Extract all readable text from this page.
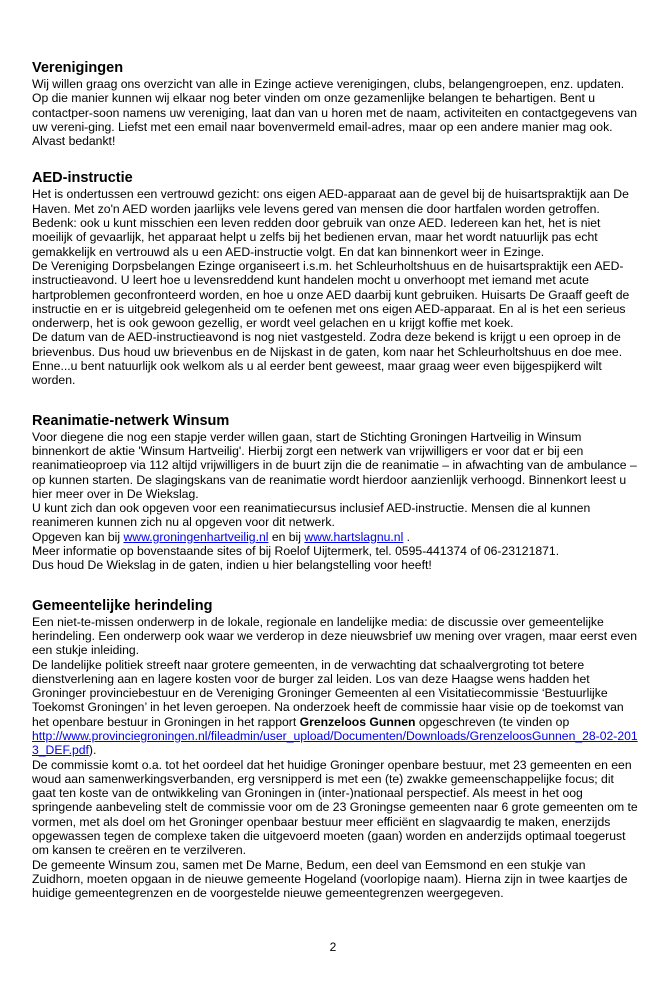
Verenigingen

Wij willen graag ons overzicht van alle in Ezinge actieve verenigingen, clubs, belangengroepen, enz. updaten. Op die manier kunnen wij elkaar nog beter vinden om onze gezamenlijke belangen te behartigen. Bent u contactper-soon namens uw vereniging, laat dan van u horen met de naam, activiteiten en contactgegevens van uw vereni-ging. Liefst met een email naar bovenvermeld email-adres, maar op een andere manier mag ook. Alvast bedankt!

AED-instructie

Het is ondertussen een vertrouwd gezicht: ons eigen AED-apparaat aan de gevel bij de huisartspraktijk aan De Haven. Met zo'n AED worden jaarlijks vele levens gered van mensen die door hartfalen worden getroffen. Bedenk: ook u kunt misschien een leven redden door gebruik van onze AED. Iedereen kan het, het is niet moeilijk of gevaarlijk, het apparaat helpt u zelfs bij het bedienen ervan, maar het wordt natuurlijk pas echt gemakkelijk en vertrouwd als u een AED-instructie volgt. En dat kan binnenkort weer in Ezinge.

De Vereniging Dorpsbelangen Ezinge organiseert i.s.m. het Schleurholtshuus en de huisartspraktijk een AED-instructieavond. U leert hoe u levensreddend kunt handelen mocht u onverhoopt met iemand met acute hartproblemen geconfronteerd worden, en hoe u onze AED daarbij kunt gebruiken. Huisarts De Graaff geeft de instructie en er is uitgebreid gelegenheid om te oefenen met ons eigen AED-apparaat. En al is het een serieus onderwerp, het is ook gewoon gezellig, er wordt veel gelachen en u krijgt koffie met koek.

De datum van de AED-instructieavond is nog niet vastgesteld. Zodra deze bekend is krijgt u een oproep in de brievenbus. Dus houd uw brievenbus en de Nijskast in de gaten, kom naar het Schleurholtshuus en doe mee.

Enne...u bent natuurlijk ook welkom als u al eerder bent geweest, maar graag weer even bijgespijkerd wilt worden.

Reanimatie-netwerk Winsum

Voor diegene die nog een stapje verder willen gaan, start de Stichting Groningen Hartveilig in Winsum binnenkort de aktie 'Winsum Hartveilig'. Hierbij zorgt een netwerk van vrijwilligers er voor dat er bij een reanimatieoproep via 112 altijd vrijwilligers in de buurt zijn die de reanimatie – in afwachting van de ambulance – op kunnen starten. De slagingskans van de reanimatie wordt hierdoor aanzienlijk verhoogd. Binnenkort leest u hier meer over in De Wiekslag.

U kunt zich dan ook opgeven voor een reanimatiecursus inclusief AED-instructie. Mensen die al kunnen reanimeren kunnen zich nu al opgeven voor dit netwerk.

Opgeven kan bij www.groningenhartveilig.nl en bij www.hartslagnu.nl .

Meer informatie op bovenstaande sites of bij Roelof Uijtermerk, tel. 0595-441374 of 06-23121871.

Dus houd De Wiekslag in de gaten, indien u hier belangstelling voor heeft!

Gemeentelijke herindeling

Een niet-te-missen onderwerp in de lokale, regionale en landelijke media: de discussie over gemeentelijke herindeling. Een onderwerp ook waar we verderop in deze nieuwsbrief uw mening over vragen, maar eerst even een stukje inleiding.

De landelijke politiek streeft naar grotere gemeenten, in de verwachting dat schaalvergroting tot betere dienstverlening aan en lagere kosten voor de burger zal leiden. Los van deze Haagse wens hadden het Groninger provinciebestuur en de Vereniging Groninger Gemeenten al een Visitatiecommissie ‘Bestuurlijke Toekomst Groningen’ in het leven geroepen. Na onderzoek heeft de commissie haar visie op de toekomst van het openbare bestuur in Groningen in het rapport Grenzeloos Gunnen opgeschreven (te vinden op
http://www.provinciegroningen.nl/fileadmin/user_upload/Documenten/Downloads/GrenzeloosGunnen_28-02-2013_DEF.pdf).

De commissie komt o.a. tot het oordeel dat het huidige Groninger openbare bestuur, met 23 gemeenten en een woud aan samenwerkingsverbanden, erg versnipperd is met een (te) zwakke gemeenschappelijke focus; dit gaat ten koste van de ontwikkeling van Groningen in (inter-)nationaal perspectief. Als meest in het oog springende aanbeveling stelt de commissie voor om de 23 Groningse gemeenten naar 6 grote gemeenten om te vormen, met als doel om het Groninger openbaar bestuur meer efficiënt en slagvaardig te maken, enerzijds opgewassen tegen de complexe taken die uitgevoerd moeten (gaan) worden en anderzijds optimaal toegerust om kansen te creëren en te verzilveren.

De gemeente Winsum zou, samen met De Marne, Bedum, een deel van Eemsmond en een stukje van Zuidhorn, moeten opgaan in de nieuwe gemeente Hogeland (voorlopige naam). Hierna zijn in twee kaartjes de huidige gemeentegrenzen en de voorgestelde nieuwe gemeentegrenzen weergegeven.

2
